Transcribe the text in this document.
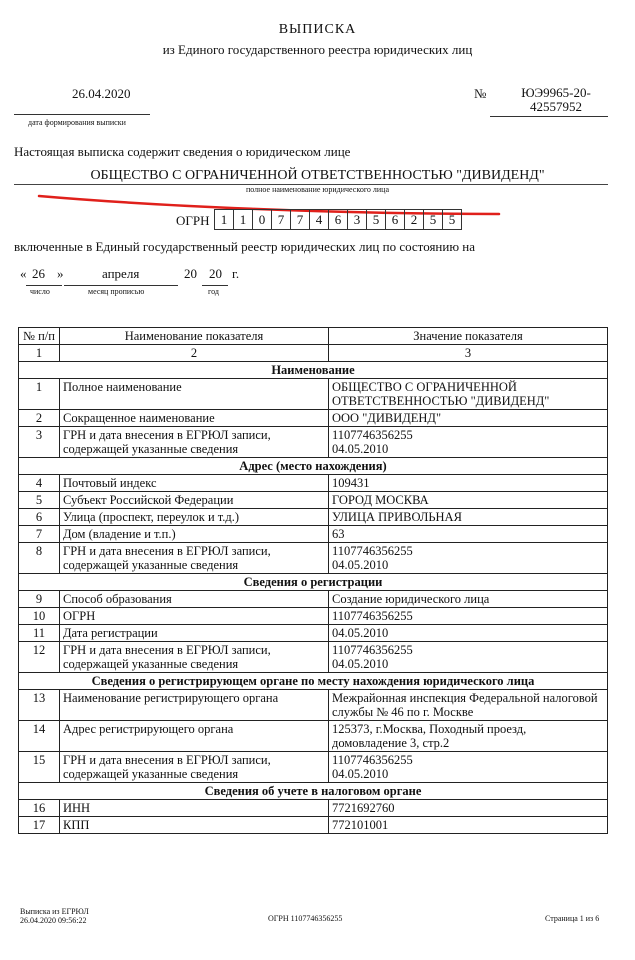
ВЫПИСКА
из Единого государственного реестра юридических лиц
26.04.2020
дата формирования выписки
№	ЮЭ9965-20-
42557952
Настоящая выписка содержит сведения о юридическом лице
ОБЩЕСТВО С ОГРАНИЧЕННОЙ ОТВЕТСТВЕННОСТЬЮ "ДИВИДЕНД"
полное наименование юридического лица
ОГРН 1 1 0 7 7 4 6 3 5 6 2 5 5
включенные в Единый государственный реестр юридических лиц по состоянию на
« 26 »	апреля	20 20 г.
число	месяц прописью	год
№ п/п	Наименование показателя	Значение показателя
1	2	3
Наименование		
1	Полное наименование	ОБЩЕСТВО С ОГРАНИЧЕННОЙ ОТВЕТСТВЕННОСТЬЮ "ДИВИДЕНД"

2	Сокращенное наименование	ООО "ДИВИДЕНД"

3	ГРН и дата внесения в ЕГРЮЛ записи, содержащей указанные сведения	1107746356255
04.05.2010

Адрес (место нахождения)		
4	Почтовый индекс	109431

5	Субъект Российской Федерации	ГОРОД МОСКВА

6	Улица (проспект, переулок и т.д.)	УЛИЦА ПРИВОЛЬНАЯ

7	Дом (владение и т.п.)	63

8	ГРН и дата внесения в ЕГРЮЛ записи, содержащей указанные сведения	1107746356255
04.05.2010

Сведения о регистрации		
9	Способ образования	Создание юридического лица

10	ОГРН	1107746356255

11	Дата регистрации	04.05.2010

12	ГРН и дата внесения в ЕГРЮЛ записи, содержащей указанные сведения	1107746356255
04.05.2010

Сведения о регистрирующем органе по месту нахождения юридического лица		
13	Наименование регистрирующего органа	Межрайонная инспекция Федеральной налоговой службы № 46 по г. Москве

14	Адрес регистрирующего органа	125373, г.Москва, Походный проезд, домовладение 3, стр.2

15	ГРН и дата внесения в ЕГРЮЛ записи, содержащей указанные сведения	1107746356255
04.05.2010

Сведения об учете в налоговом органе		
16	ИНН	7721692760

17	КПП	772101001
Выписка из ЕГРЮЛ
26.04.2020 09:56:22	ОГРН 1107746356255	Страница 1 из 6
